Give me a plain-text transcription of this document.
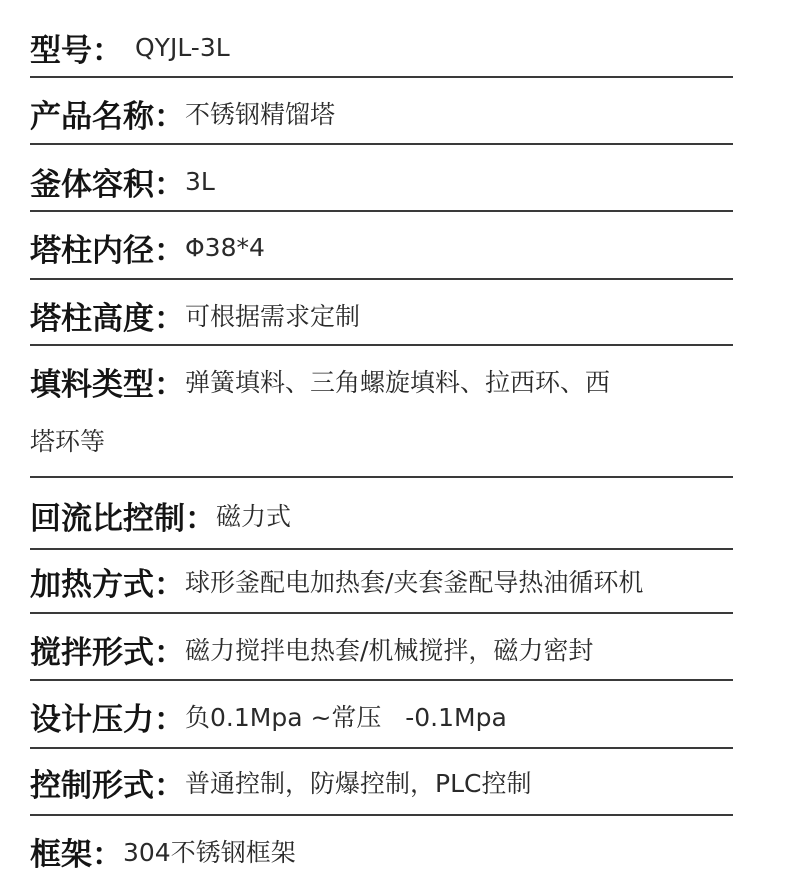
型号： QYJL-3L
产品名称： 不锈钢精馏塔
釜体容积： 3L
塔柱内径： Φ38*4
塔柱高度： 可根据需求定制
填料类型： 弹簧填料、三角螺旋填料、拉西环、西
塔环等
回流比控制： 磁力式
加热方式： 球形釜配电加热套/夹套釜配导热油循环机
搅拌形式： 磁力搅拌电热套/机械搅拌，磁力密封
设计压力： 负0.1Mpa ~常压   -0.1Mpa
控制形式： 普通控制，防爆控制，PLC控制
框架： 304不锈钢框架
